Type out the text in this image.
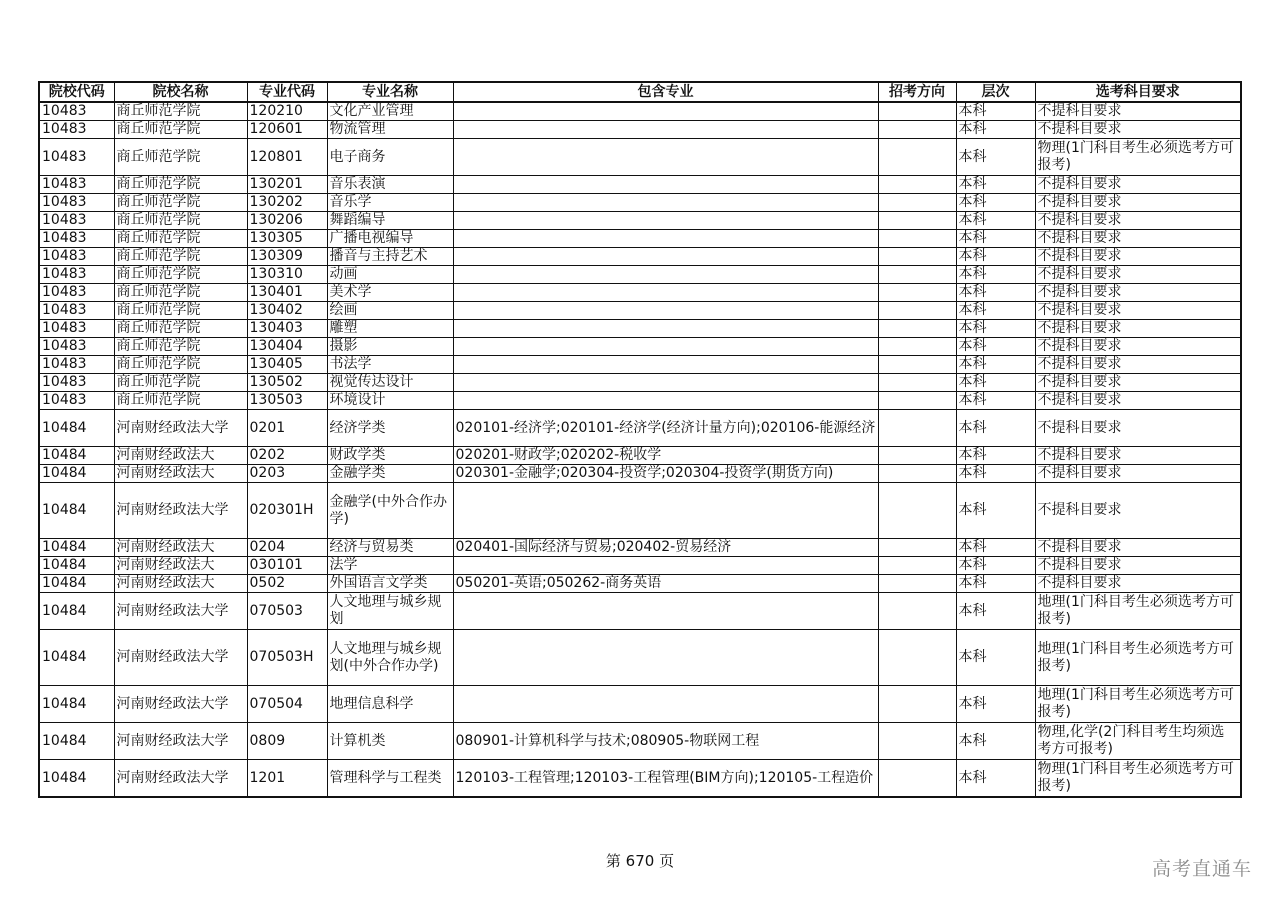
院校代码	院校名称	专业代码	专业名称	包含专业	招考方向	层次	选考科目要求
10483	商丘师范学院	120210	文化产业管理			本科	不提科目要求
10483	商丘师范学院	120601	物流管理			本科	不提科目要求
10483	商丘师范学院	120801	电子商务			本科	物理(1门科目考生必须选考方可报考)
10483	商丘师范学院	130201	音乐表演			本科	不提科目要求
10483	商丘师范学院	130202	音乐学			本科	不提科目要求
10483	商丘师范学院	130206	舞蹈编导			本科	不提科目要求
10483	商丘师范学院	130305	广播电视编导			本科	不提科目要求
10483	商丘师范学院	130309	播音与主持艺术			本科	不提科目要求
10483	商丘师范学院	130310	动画			本科	不提科目要求
10483	商丘师范学院	130401	美术学			本科	不提科目要求
10483	商丘师范学院	130402	绘画			本科	不提科目要求
10483	商丘师范学院	130403	雕塑			本科	不提科目要求
10483	商丘师范学院	130404	摄影			本科	不提科目要求
10483	商丘师范学院	130405	书法学			本科	不提科目要求
10483	商丘师范学院	130502	视觉传达设计			本科	不提科目要求
10483	商丘师范学院	130503	环境设计			本科	不提科目要求
10484	河南财经政法大学	0201	经济学类	020101-经济学;020101-经济学(经济计量方向);020106-能源经济		本科	不提科目要求
10484	河南财经政法大	0202	财政学类	020201-财政学;020202-税收学		本科	不提科目要求
10484	河南财经政法大	0203	金融学类	020301-金融学;020304-投资学;020304-投资学(期货方向)		本科	不提科目要求
10484	河南财经政法大学	020301H	金融学(中外合作办学)			本科	不提科目要求
10484	河南财经政法大	0204	经济与贸易类	020401-国际经济与贸易;020402-贸易经济		本科	不提科目要求
10484	河南财经政法大	030101	法学			本科	不提科目要求
10484	河南财经政法大	0502	外国语言文学类	050201-英语;050262-商务英语		本科	不提科目要求
10484	河南财经政法大学	070503	人文地理与城乡规划			本科	地理(1门科目考生必须选考方可报考)
10484	河南财经政法大学	070503H	人文地理与城乡规划(中外合作办学)			本科	地理(1门科目考生必须选考方可报考)
10484	河南财经政法大学	070504	地理信息科学			本科	地理(1门科目考生必须选考方可报考)
10484	河南财经政法大学	0809	计算机类	080901-计算机科学与技术;080905-物联网工程		本科	物理,化学(2门科目考生均须选考方可报考)
10484	河南财经政法大学	1201	管理科学与工程类	120103-工程管理;120103-工程管理(BIM方向);120105-工程造价		本科	物理(1门科目考生必须选考方可报考)
第 670 页	高考直通车
